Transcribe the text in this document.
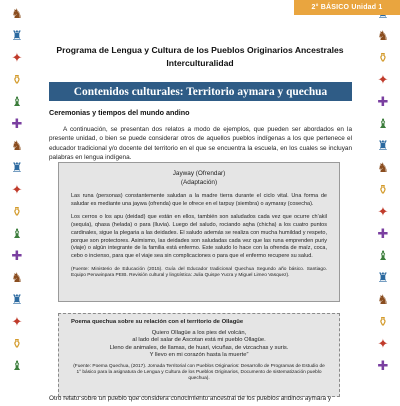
♞
♜
✦
⚱
♝
✚
♞
♜
✦
⚱
♝
✚
♞
♜
✦
⚱
♝
♞
⚱
✦
✚
♝
♜
♞
⚱
✦
✚
♝
♜
♞
⚱
✦
✚
2° BÁSICO Unidad 1
Programa de Lengua y Cultura de los Pueblos Originarios Ancestrales
Interculturalidad
Contenidos culturales: Territorio aymara y quechua
Ceremonias y tiempos del mundo andino
A continuación, se presentan dos relatos a modo de ejemplos, que pueden ser abordados en la presente unidad, o bien se puede considerar otros de aquellos pueblos indígenas a los que pertenece el educador tradicional y/o docente del territorio en el que se encuentra la escuela, en los cuales se incluyan palabras en lengua indígena.
Jayway (Ofrendar)
(Adaptación)

Las runa (personas) constantemente saludan a la madre tierra durante el ciclo vital. Una forma de saludar es mediante una jaywa (ofrenda) que le ofrece en el tarpuy (siembra) o aymaray (cosecha).

Los cerros o los apu (deidad) que están en ellos, también son saludados cada vez que ocurre ch’akil (sequía), qhasa (helada) o para (lluvia). Luego del saludo, rociando aqha (chicha) a los cuatro puntos cardinales, sigue la plegaria a las deidades. El saludo además se realiza con mucha humildad y respeto, porque son protectores. Asimismo, las deidades son saludadas cada vez que las runa emprenden puriy (viaje) o algún integrante de la familia está enfermo. Este saludo lo hace con la ofrenda de maíz, coca, cebo o incienso, para que el viaje sea sin complicaciones o para que el enfermo recupere su salud.

(Fuente: Ministerio de Educación (2015). Guía del Educador tradicional Quechua Segundo año básico. Santiago. Equipo Peruwinpara PEIB. Revisión cultural y lingüística: Julia Quispe Yucra y Miguel Limeo Vasquez).

Poema quechua sobre su relación con el territorio de Ollagüe
Quiero Ollagüe a los pies del volcán,
al lado del salar de Ascotan está mi pueblo Ollagüe.
Lleno de animales, de llamas, de huari, vicuñas, de vizcachas y suris.
Y llevo en mi corazón hasta la muerte”
(Fuente: Poema Quechua, (2017). Jornada Territorial con Pueblos Originarios: Desarrollo de Programas de Estudio de 1° básico para la asignatura de Lengua y Cultura de los Pueblos Originarios, Documento de sistematización pueblo quechua).
Otro relato sobre un pueblo que considera conocimiento ancestral de los pueblos andinos aymara y
